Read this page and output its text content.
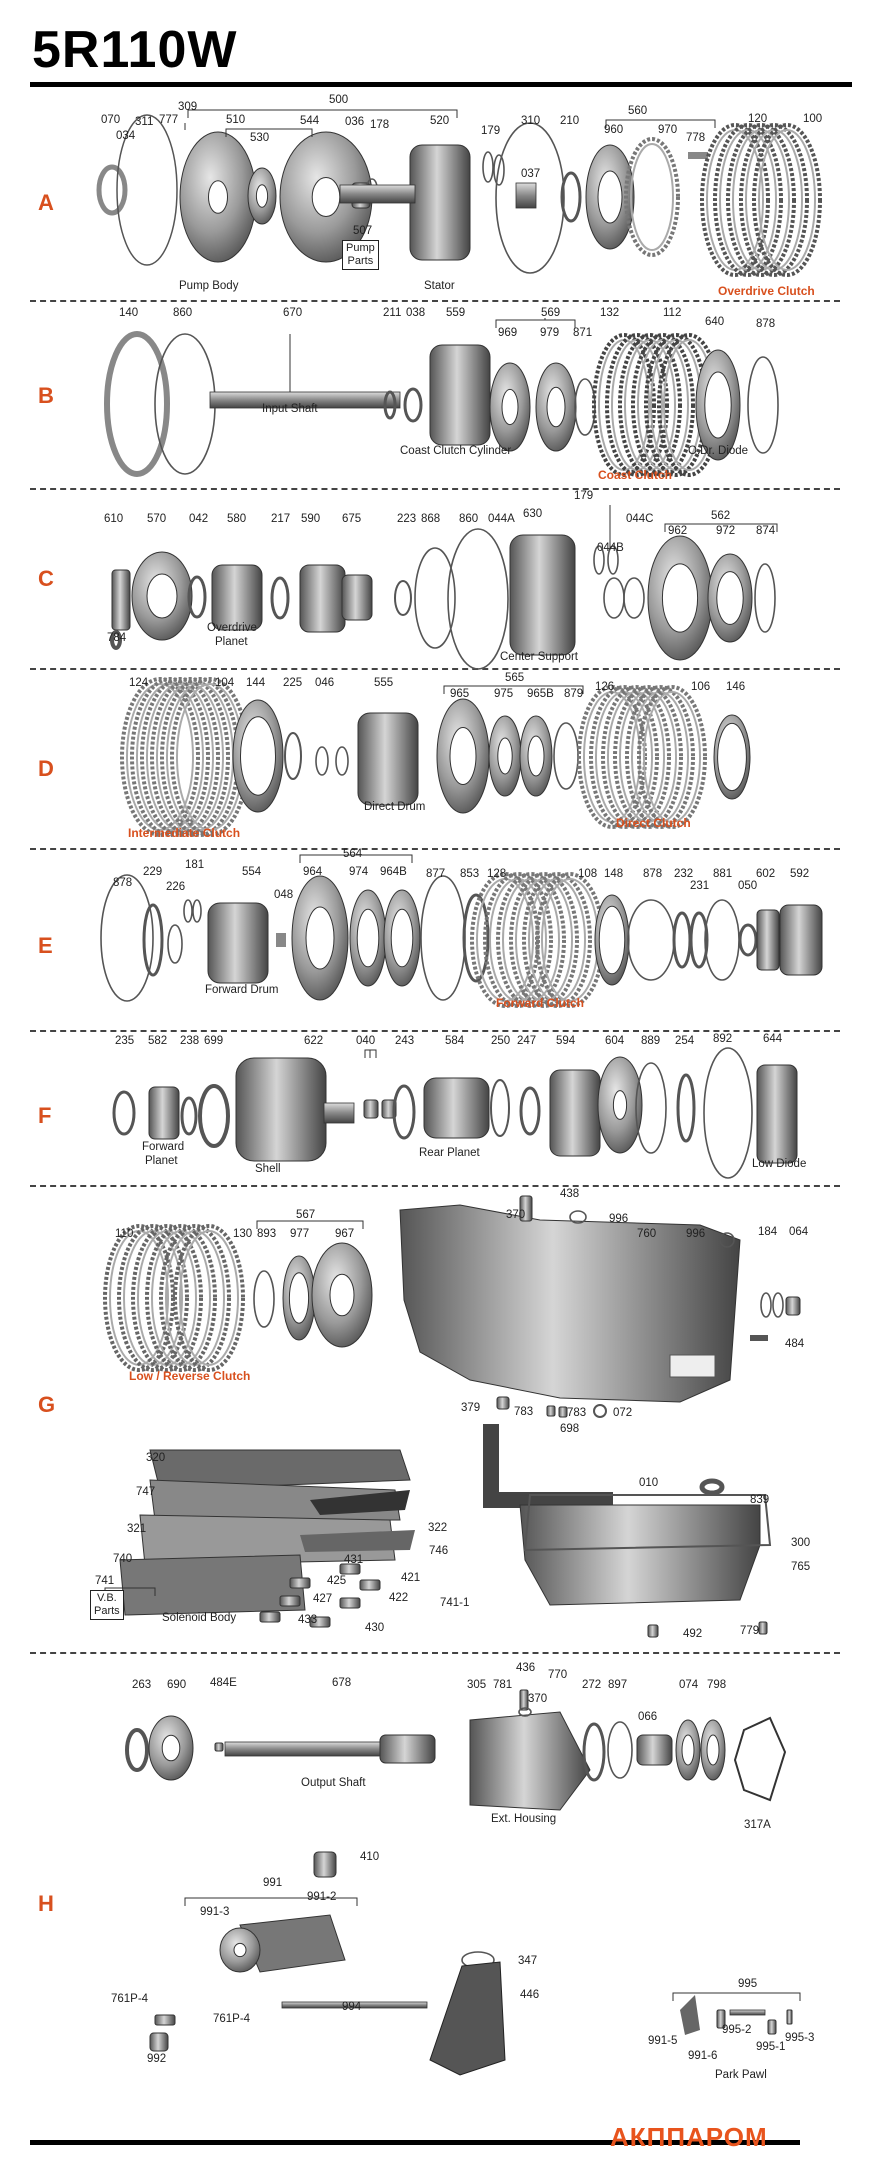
5R110W
A
B
C
D
E
F
G
H
070
034
311 777
309
510
530
500
544 036 178	520
179
310 210
037
560
960	970
778
120	100
507
Pump Body	Stator
Pump
Parts
Overdrive Clutch
140	860	670	211 038 559	569
969 979 871
132	112
640	878
Input Shaft
Coast Clutch Cylinder	O.Dr. Diode
Coast Clutch
610 570 042 580 217 590 675	223 868 860 044A 630
179
044B
044C	562
962	972 874
784
Overdrive
Planet
Center Support
124	104 144 225 046	555	565
965 975 965B 879
126	106 146
Direct Drum
Intermediate Clutch
Direct Clutch
878
229
226
181
554
048
564
964 974 964B 877 853 128	108 148 878 232
231
881
050
602 592
Forward Drum
Forward Clutch
235 582 238 699	622	040 243	584 250 247 594	604 889 254 892	644
Forward
Planet
Shell
Rear Planet
Low Diode
438
370	996
760	996	184 064
110	130 893 977 967
567
484
379	783	783 072
698
010
839
320
747
322
321
746
740	431
421
425
427	422	741-1
433
430
300
765
492	779
741
Solenoid Body
V.B.
Parts
Low / Reverse Clutch
263 690 484E	678	305 781
436
370
770
272 897
066
074 798
317A
410
991
991-3
991-2
347
761P-4
761P-4
994
446
992
995
991-5
991-6
995-2
995-1
995-3
Output Shaft
Ext. Housing
Park Pawl
АКППАРОМ
